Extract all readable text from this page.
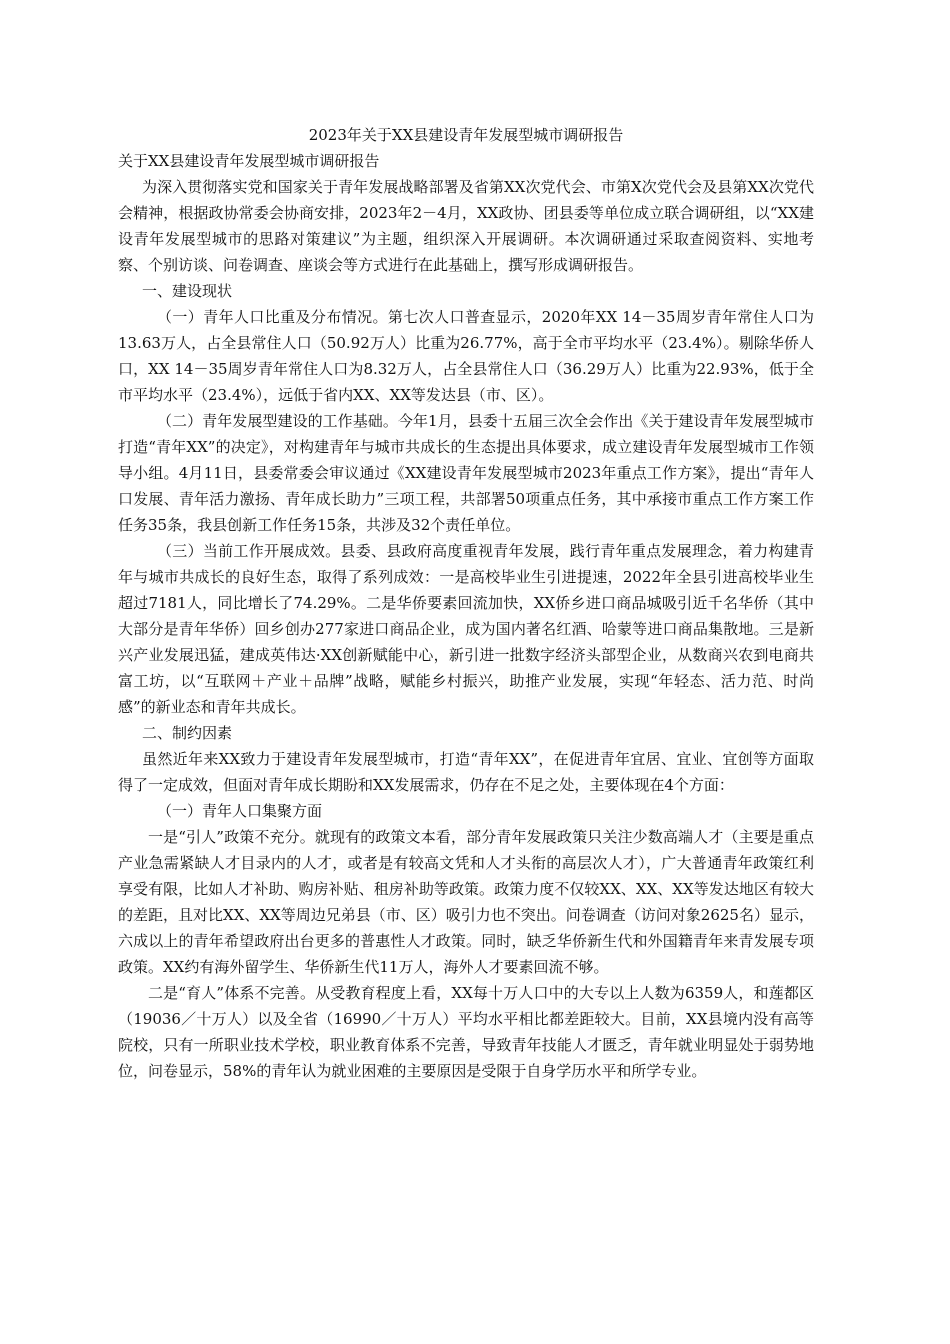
2023年关于XX县建设青年发展型城市调研报告

关于XX县建设青年发展型城市调研报告

为深入贯彻落实党和国家关于青年发展战略部署及省第XX次党代会、市第X次党代会及县第XX次党代会精神，根据政协常委会协商安排，2023年2－4月，XX政协、团县委等单位成立联合调研组，以“XX建设青年发展型城市的思路对策建议”为主题，组织深入开展调研。本次调研通过采取查阅资料、实地考察、个别访谈、问卷调查、座谈会等方式进行在此基础上，撰写形成调研报告。

一、建设现状

（一）青年人口比重及分布情况。第七次人口普查显示，2020年XX 14－35周岁青年常住人口为13.63万人，占全县常住人口（50.92万人）比重为26.77%，高于全市平均水平（23.4%）。剔除华侨人口，XX 14－35周岁青年常住人口为8.32万人，占全县常住人口（36.29万人）比重为22.93%，低于全市平均水平（23.4%），远低于省内XX、XX等发达县（市、区）。

（二）青年发展型建设的工作基础。今年1月，县委十五届三次全会作出《关于建设青年发展型城市打造“青年XX”的决定》，对构建青年与城市共成长的生态提出具体要求，成立建设青年发展型城市工作领导小组。4月11日，县委常委会审议通过《XX建设青年发展型城市2023年重点工作方案》，提出“青年人口发展、青年活力激扬、青年成长助力”三项工程，共部署50项重点任务，其中承接市重点工作方案工作任务35条，我县创新工作任务15条，共涉及32个责任单位。

（三）当前工作开展成效。县委、县政府高度重视青年发展，践行青年重点发展理念，着力构建青年与城市共成长的良好生态，取得了系列成效：一是高校毕业生引进提速，2022年全县引进高校毕业生超过7181人，同比增长了74.29%。二是华侨要素回流加快，XX侨乡进口商品城吸引近千名华侨（其中大部分是青年华侨）回乡创办277家进口商品企业，成为国内著名红酒、哈蒙等进口商品集散地。三是新兴产业发展迅猛，建成英伟达·XX创新赋能中心，新引进一批数字经济头部型企业，从数商兴农到电商共富工坊，以“互联网＋产业＋品牌”战略，赋能乡村振兴，助推产业发展，实现“年轻态、活力范、时尚感”的新业态和青年共成长。

二、制约因素

虽然近年来XX致力于建设青年发展型城市，打造“青年XX”，在促进青年宜居、宜业、宜创等方面取得了一定成效，但面对青年成长期盼和XX发展需求，仍存在不足之处，主要体现在4个方面：

（一）青年人口集聚方面

一是“引人”政策不充分。就现有的政策文本看，部分青年发展政策只关注少数高端人才（主要是重点产业急需紧缺人才目录内的人才，或者是有较高文凭和人才头衔的高层次人才），广大普通青年政策红利享受有限，比如人才补助、购房补贴、租房补助等政策。政策力度不仅较XX、XX、XX等发达地区有较大的差距，且对比XX、XX等周边兄弟县（市、区）吸引力也不突出。问卷调查（访问对象2625名）显示，六成以上的青年希望政府出台更多的普惠性人才政策。同时，缺乏华侨新生代和外国籍青年来青发展专项政策。XX约有海外留学生、华侨新生代11万人，海外人才要素回流不够。

二是“育人”体系不完善。从受教育程度上看，XX每十万人口中的大专以上人数为6359人，和莲都区（19036／十万人）以及全省（16990／十万人）平均水平相比都差距较大。目前，XX县境内没有高等院校，只有一所职业技术学校，职业教育体系不完善，导致青年技能人才匮乏，青年就业明显处于弱势地位，问卷显示，58%的青年认为就业困难的主要原因是受限于自身学历水平和所学专业。
